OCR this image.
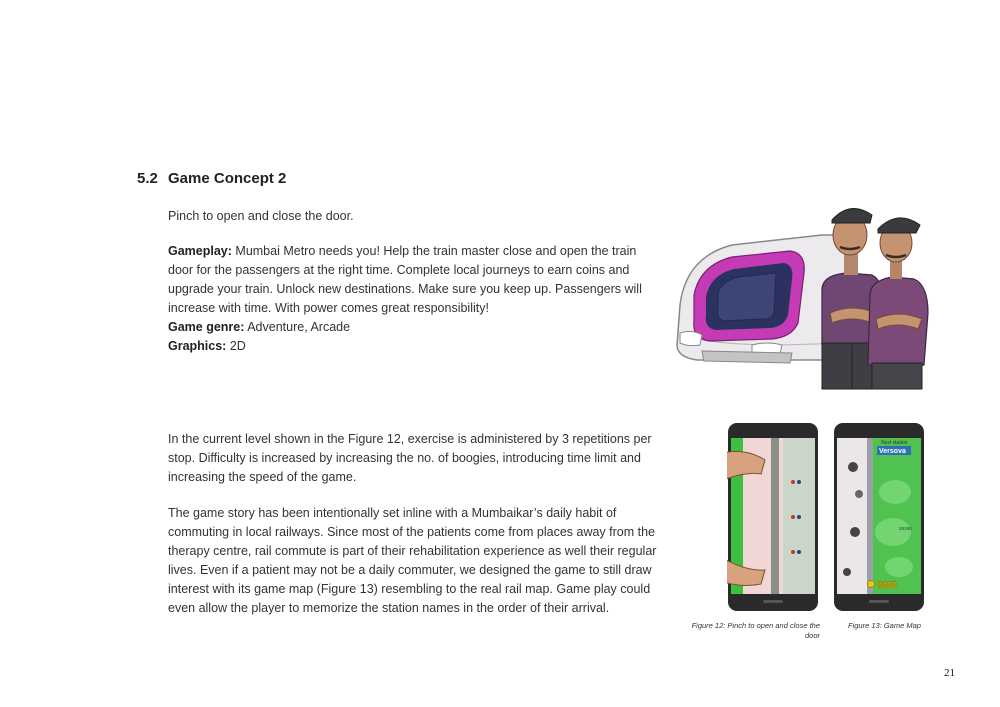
5.2 Game Concept 2
Pinch to open and close the door.
Gameplay: Mumbai Metro needs you! Help the train master close and open the train door for the passengers at the right time. Complete local journeys to earn coins and upgrade your train. Unlock new destinations. Make sure you keep up. Passengers will increase with time. With power comes great responsibility!
Game genre: Adventure, Arcade
Graphics: 2D
In the current level shown in the Figure 12, exercise is administered by 3 repetitions per stop. Difficulty is increased by increasing the no. of boogies, introducing time limit and increasing the speed of the game.
The game story has been intentionally set inline with a Mumbaikar’s daily habit of commuting in local railways. Since most of the patients come from places away from the therapy centre, rail commute is part of their rehabilitation experience as well their regular lives. Even if a patient may not be a daily commuter, we designed the game to still draw interest with its game map (Figure 13) resembling to the real rail map. Game play could even allow the player to memorize the station names in the order of their arrival.
Next station
Versova
28190
8888
Figure 12: Pinch to open and close the door
Figure 13: Game Map
21
